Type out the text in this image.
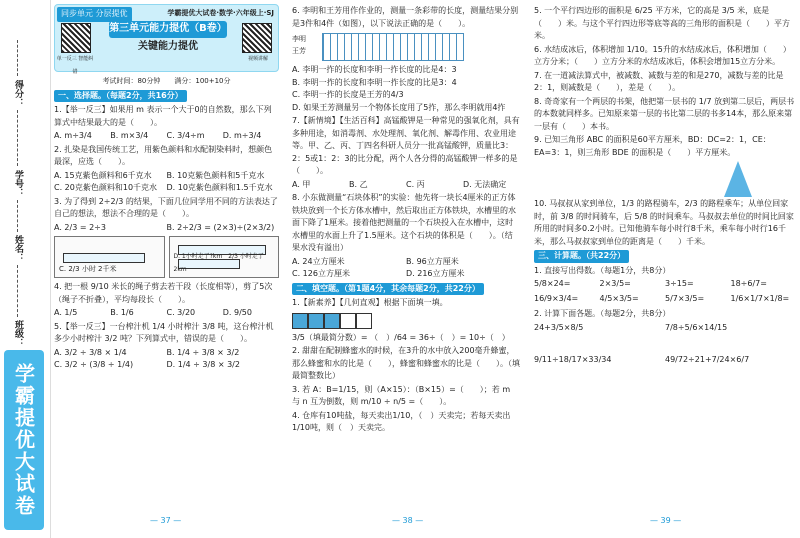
得分：
学号：
姓名：
班级：
学霸提优大试卷
同步单元 分层提优	学霸提优大试卷·数学·六年级上·SJ
单一反三 智能纠错
第三单元能力提优（B卷）
关键能力提优
视频讲解
考试时间：80分钟　　满分：100+10分
一、选择题。（每题2分，共16分）
1.【举一反三】如果用 m 表示一个大于0的自然数，那么下列算式中结果最大的是（　　）。
A. m÷3/4	B. m×3/4	C. 3/4÷m	D. m÷3/4
2. 扎染是我国传统工艺，用紫色颜料和水配制染料时，想颜色最深，应选（　　）。
A. 15克紫色颜料和6千克水	B. 10克紫色颜料和5千克水
C. 20克紫色颜料和10千克水	D. 10克紫色颜料和1.5千克水
3. 为了得到 2÷2/3 的结果，下面几位同学用不同的方法表达了自己的想法，想法不合理的是（　　）。
A. 2/3 = 2÷3	B. 2÷2/3 = (2×3)÷(2×3/2)
C. 2/3 小时 2千米
D. 1小时走了?km　2/3 小时走了 2km
4. 把一根 9/10 米长的绳子剪去若干段（长度相等），剪了5次（绳子不折叠），平均每段长（　　）。
A. 1/5	B. 1/6	C. 3/20	D. 9/50
5.【举一反三】一台榨汁机 1/4 小时榨汁 3/8 吨，这台榨汁机多少小时榨汁 3/2 吨？下列算式中，错误的是（　　）。
A. 3/2 ÷ 3/8 × 1/4	B. 1/4 ÷ 3/8 × 3/2
C. 3/2 ÷ (3/8 ÷ 1/4)	D. 1/4 ÷ 3/8 × 3/2
— 37 —
6. 李明和王芳用作作业的，测量一条彩带的长度，测量结果分别是3件和4件（如图），以下说法正确的是（　　）。
李明
王芳
A. 李明一拃的长度和李明一拃长度的比是4：3
B. 李明一拃的长度和李明一拃长度的比是3：4
C. 李明一拃的长度是王芳的4/3
D. 如果王芳测量另一个物体长度用了5拃，那么李明就用4拃
7.【新情境】【生活百科】高锰酸钾是一种常见的强氧化剂，具有多种用途，如消毒剂、水处理剂、氧化剂、解毒作用、农业用途等。甲、乙、丙、丁四名科研人员分一批高锰酸钾，质量比3：2：5或1：2：3的比分配，两个人各分得的高锰酸钾一样多的是（　　）。
A. 甲	B. 乙	C. 丙	D. 无法确定
8. 小东做测量“石块体积”的实验：他先将一块长4厘米的正方体铁块放到一个长方体水槽中，然后取出正方体铁块，水槽里的水面下降了1厘米。接着他把测量的一个石块投入在水槽中，这时水槽里的水面上升了1.5厘米。这个石块的体积是（　　）。（结果水没有溢出）
A. 24立方厘米	B. 96立方厘米
C. 126立方厘米	D. 216立方厘米
二、填空题。（第1题4分，其余每题2分，共22分）
1.【新素养】【几何直观】根据下面填一填。
3/5（填最简分数）= （　）/64 = 36÷（　）= 10÷（　）
2. 甜甜在配制蜂蜜水的时候，在3升的水中放入200毫升蜂蜜，那么蜂蜜和水的比是（　　），蜂蜜和蜂蜜水的比是（　　）。（填最简整数比）
3. 若 A：B=1/15，则（A×15）：（B×15）=（　　）；若 m 与 n 互为倒数，则 m/10 ÷ n/5 =（　　）。
4. 仓库有10吨盐，每天卖出1/10，（　）天卖完；若每天卖出1/10吨，则（　）天卖完。
— 38 —
5. 一个平行四边形的面积是 6/25 平方米，它的高是 3/5 米，底是（　　）米。与这个平行四边形等底等高的三角形的面积是（　　）平方米。
6. 水结成冰后，体积增加 1/10。15升的水结成冰后，体积增加（　　）立方分米；（　　）立方分米的水结成冰后，体积会增加15立方分米。
7. 在一道减法算式中，被减数、减数与差的和是270，减数与差的比是2：1，则减数是（　　），差是（　　）。
8. 奇奇家有一个两层的书架，他把第一层书的 1/7 放到第二层后，两层书的本数就同样多。已知原来第一层的书比第二层的书多14本，那么原来第一层有（　　）本书。
9. 已知三角形 ABC 的面积是60平方厘米，BD：DC=2：1，CE：EA=3：1，则三角形 BDE 的面积是（　　）平方厘米。
10. 马叔叔从家到单位，1/3 的路程骑车，2/3 的路程乘车；从单位回家时，前 3/8 的时间骑车，后 5/8 的时间乘车。马叔叔去单位的时间比回家所用的时间多0.2小时。已知他骑车每小时行8千米，乘车每小时行16千米，那么马叔叔家到单位的距离是（　　）千米。
三、计算题。（共22分）
1. 直接写出得数。（每题1分，共8分）
5/8×24=	2×3/5=	3÷15=	18÷6/7=
16/9×3/4=	4/5×3/5=	5/7×3/5=	1/6×1/7×1/8=
2. 计算下面各题。（每题2分，共8分）
24+3/5×8/5	7/8÷5/6×14/15
9/11÷18/17×33/34	49/72÷21+7/24×6/7
— 39 —
